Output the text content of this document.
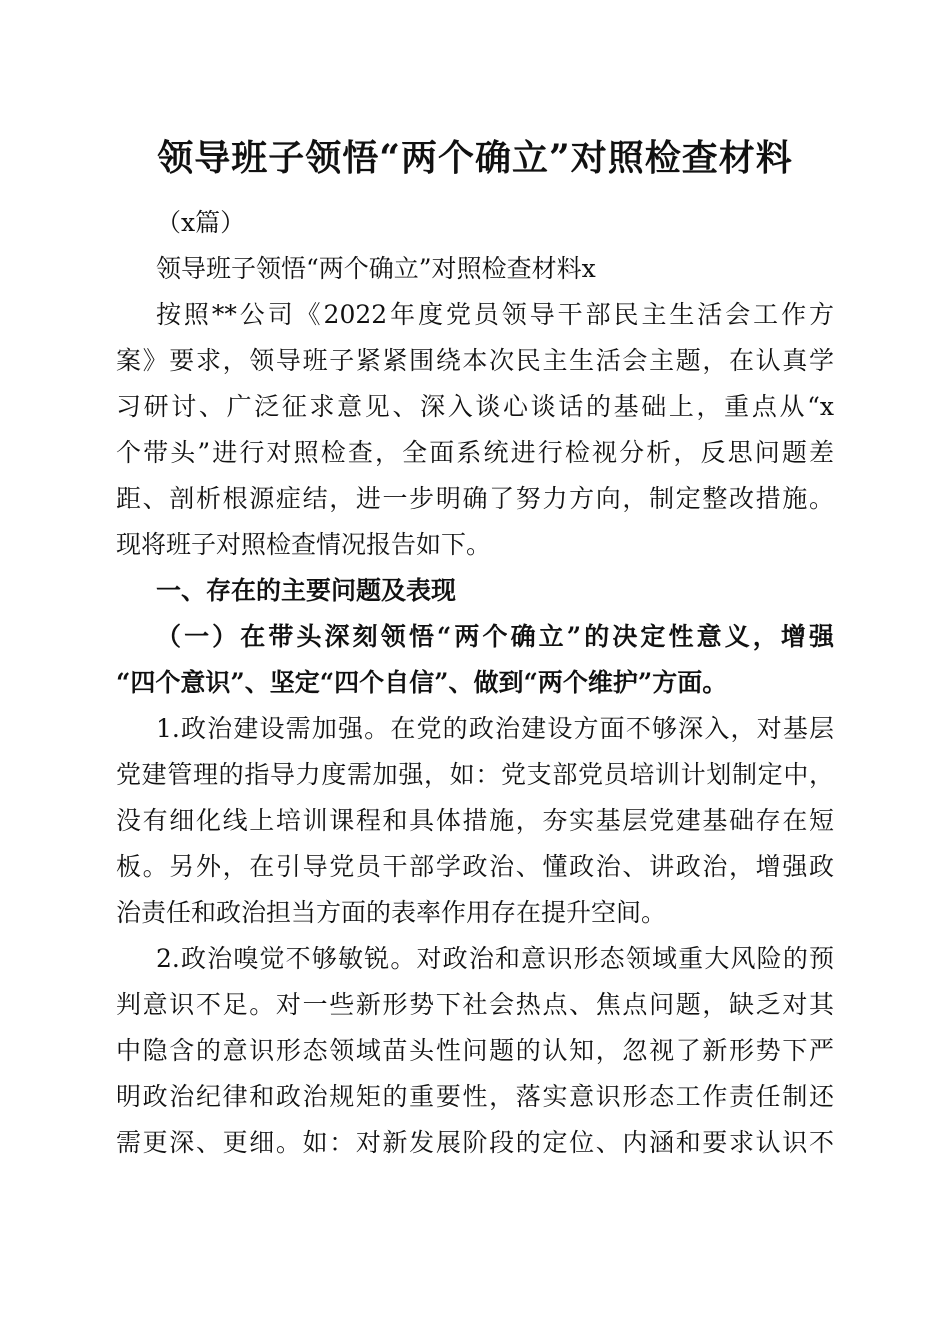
领导班子领悟“两个确立”对照检查材料

（x篇）

领导班子领悟“两个确立”对照检查材料x

按照**公司《2022年度党员领导干部民主生活会工作方

案》要求，领导班子紧紧围绕本次民主生活会主题，在认真学

习研讨、广泛征求意见、深入谈心谈话的基础上，重点从“x

个带头”进行对照检查，全面系统进行检视分析，反思问题差

距、剖析根源症结，进一步明确了努力方向，制定整改措施。

现将班子对照检查情况报告如下。

一、存在的主要问题及表现

（一）在带头深刻领悟“两个确立”的决定性意义，增强

“四个意识”、坚定“四个自信”、做到“两个维护”方面。

1.政治建设需加强。在党的政治建设方面不够深入，对基层

党建管理的指导力度需加强，如：党支部党员培训计划制定中，

没有细化线上培训课程和具体措施，夯实基层党建基础存在短

板。另外，在引导党员干部学政治、懂政治、讲政治，增强政

治责任和政治担当方面的表率作用存在提升空间。

2.政治嗅觉不够敏锐。对政治和意识形态领域重大风险的预

判意识不足。对一些新形势下社会热点、焦点问题，缺乏对其

中隐含的意识形态领域苗头性问题的认知，忽视了新形势下严

明政治纪律和政治规矩的重要性，落实意识形态工作责任制还

需更深、更细。如：对新发展阶段的定位、内涵和要求认识不
